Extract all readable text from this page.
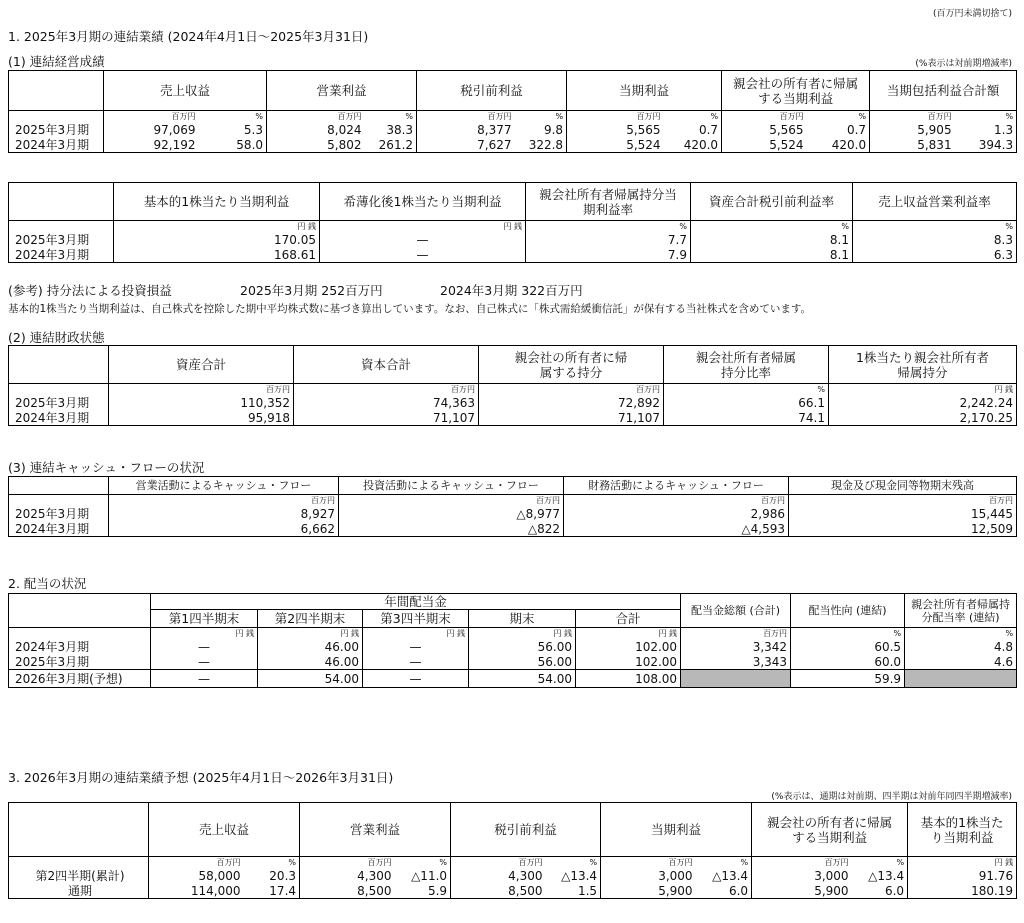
(百万円未満切捨て)
1. 2025年3月期の連結業績 (2024年4月1日〜2025年3月31日)
(1) 連結経営成績	(%表示は対前期増減率)
	売上収益		営業利益		税引前利益		当期利益		親会社の所有者に帰属する当期利益		当期包括利益合計額	
	百万円	%	百万円	%	百万円	%	百万円	%	百万円	%	百万円	%
2025年3月期	97,069	5.3	8,024	38.3	8,377	9.8	5,565	0.7	5,565	0.7	5,905	1.3
2024年3月期	92,192	58.0	5,802	261.2	7,627	322.8	5,524	420.0	5,524	420.0	5,831	394.3
	基本的1株当たり当期利益	希薄化後1株当たり当期利益	親会社所有者帰属持分当期利益率	資産合計税引前利益率	売上収益営業利益率
	円 銭	円 銭	%	%	%
2025年3月期	170.05	—	7.7	8.1	8.3
2024年3月期	168.61	—	7.9	8.1	6.3
(参考) 持分法による投資損益	2025年3月期 252百万円	2024年3月期 322百万円
基本的1株当たり当期利益は、自己株式を控除した期中平均株式数に基づき算出しています。なお、自己株式に「株式需給緩衝信託」が保有する当社株式を含めています。
(2) 連結財政状態
	資産合計	資本合計	親会社の所有者に帰属する持分	親会社所有者帰属持分比率	1株当たり親会社所有者帰属持分
	百万円	百万円	百万円	%	円 銭
2025年3月期	110,352	74,363	72,892	66.1	2,242.24
2024年3月期	95,918	71,107	71,107	74.1	2,170.25
(3) 連結キャッシュ・フローの状況
	営業活動によるキャッシュ・フロー	投資活動によるキャッシュ・フロー	財務活動によるキャッシュ・フロー	現金及び現金同等物期末残高
	百万円	百万円	百万円	百万円
2025年3月期	8,927	△8,977	2,986	15,445
2024年3月期	6,662	△822	△4,593	12,509
2. 配当の状況
	年間配当金					配当金総額 (合計)	配当性向 (連結)	親会社所有者帰属持分配当率 (連結)
	第1四半期末	第2四半期末	第3四半期末	期末	合計			
	円 銭	円 銭	円 銭	円 銭	円 銭	百万円	%	%
2024年3月期	—	46.00	—	56.00	102.00	3,342	60.5	4.8
2025年3月期	—	46.00	—	56.00	102.00	3,343	60.0	4.6
2026年3月期(予想)	—	54.00	—	54.00	108.00		59.9	
3. 2026年3月期の連結業績予想 (2025年4月1日〜2026年3月31日)
(%表示は、通期は対前期、四半期は対前年同四半期増減率)
	売上収益		営業利益		税引前利益		当期利益		親会社の所有者に帰属する当期利益		基本的1株当たり当期利益
	百万円	%	百万円	%	百万円	%	百万円	%	百万円	%	円 銭
第2四半期(累計)	58,000	20.3	4,300	△11.0	4,300	△13.4	3,000	△13.4	3,000	△13.4	91.76
通期	114,000	17.4	8,500	5.9	8,500	1.5	5,900	6.0	5,900	6.0	180.19
